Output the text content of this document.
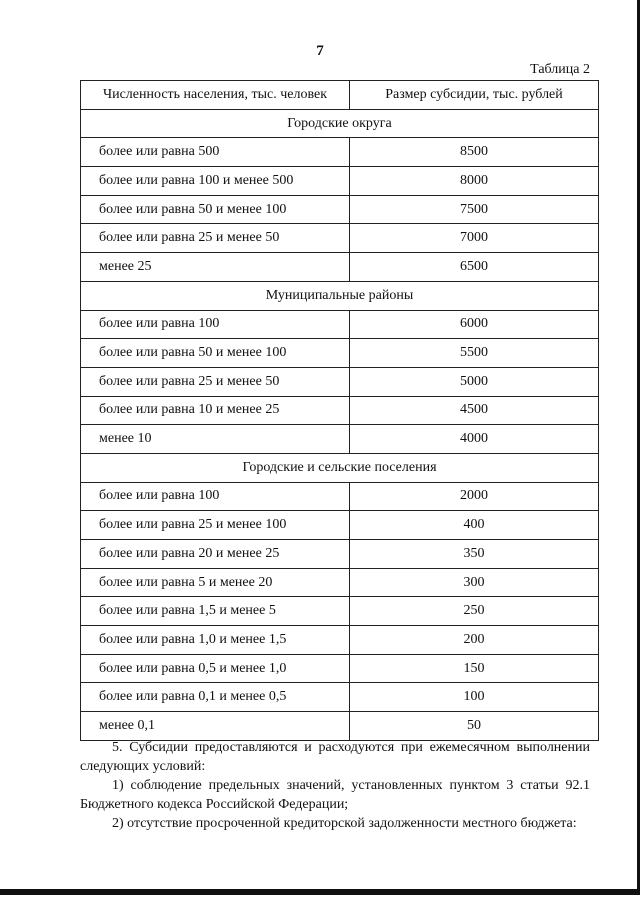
7
Таблица 2
Численность населения, тыс. человек	Размер субсидии, тыс. рублей
Городские округа	
более или равна 500	8500
более или равна 100 и менее 500	8000
более или равна 50 и менее 100	7500
более или равна 25 и менее 50	7000
менее 25	6500
Муниципальные районы	
более или равна 100	6000
более или равна 50 и менее 100	5500
более или равна 25 и менее 50	5000
более или равна 10 и менее 25	4500
менее 10	4000
Городские и сельские поселения	
более или равна 100	2000
более или равна 25 и менее 100	400
более или равна 20 и менее 25	350
более или равна 5 и менее 20	300
более или равна 1,5 и менее 5	250
более или равна 1,0 и менее 1,5	200
более или равна 0,5 и менее 1,0	150
более или равна 0,1 и менее 0,5	100
менее 0,1	50

5. Субсидии предоставляются и расходуются при ежемесячном выполнении следующих условий:

1) соблюдение предельных значений, установленных пунктом 3 статьи 92.1 Бюджетного кодекса Российской Федерации;

2) отсутствие просроченной кредиторской задолженности местного бюджета:
